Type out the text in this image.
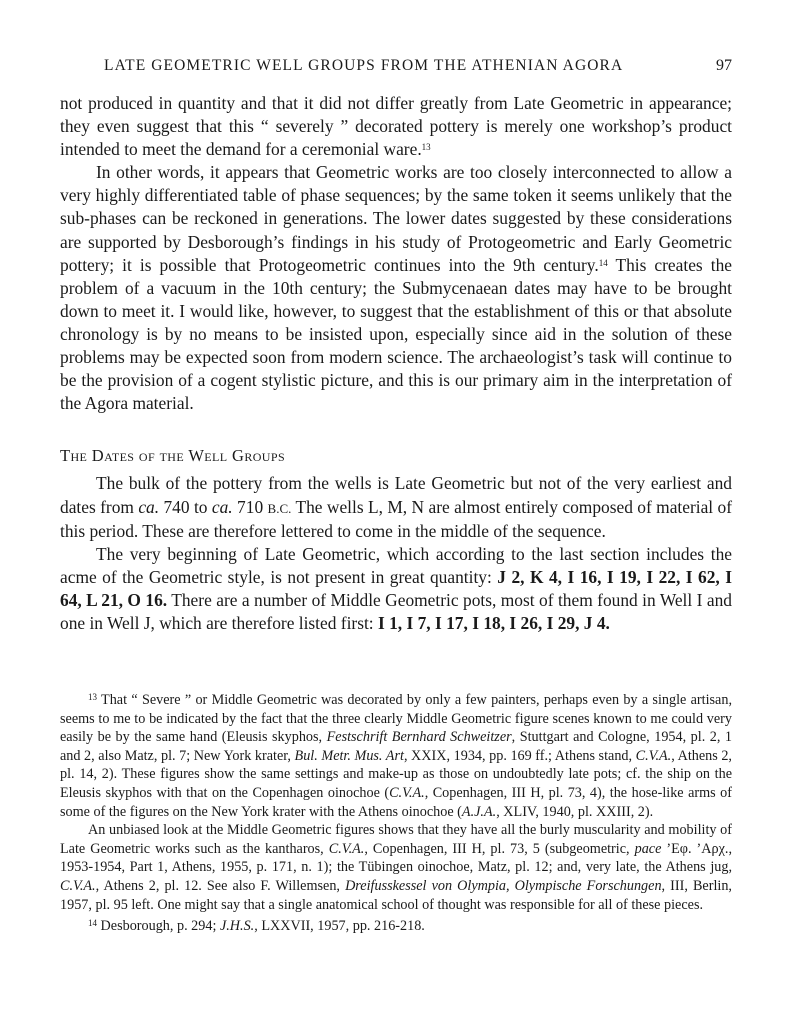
LATE GEOMETRIC WELL GROUPS FROM THE ATHENIAN AGORA	97

not produced in quantity and that it did not differ greatly from Late Geometric in appearance; they even suggest that this “ severely ” decorated pottery is merely one workshop’s product intended to meet the demand for a ceremonial ware.$^{13}$

In other words, it appears that Geometric works are too closely interconnected to allow a very highly differentiated table of phase sequences; by the same token it seems unlikely that the sub-phases can be reckoned in generations. The lower dates suggested by these considerations are supported by Desborough’s findings in his study of Protogeometric and Early Geometric pottery; it is possible that Protogeometric continues into the 9th century.$^{14}$ This creates the problem of a vacuum in the 10th century; the Submycenaean dates may have to be brought down to meet it. I would like, however, to suggest that the establishment of this or that absolute chronology is by no means to be insisted upon, especially since aid in the solution of these problems may be expected soon from modern science. The archaeologist’s task will continue to be the provision of a cogent stylistic picture, and this is our primary aim in the interpretation of the Agora material.

The Dates of the Well Groups

The bulk of the pottery from the wells is Late Geometric but not of the very earliest and dates from ca. 740 to ca. 710 B.C. The wells L, M, N are almost entirely composed of material of this period. These are therefore lettered to come in the middle of the sequence.

The very beginning of Late Geometric, which according to the last section includes the acme of the Geometric style, is not present in great quantity: J 2, K 4, I 16, I 19, I 22, I 62, I 64, L 21, O 16. There are a number of Middle Geometric pots, most of them found in Well I and one in Well J, which are therefore listed first: I 1, I 7, I 17, I 18, I 26, I 29, J 4.

$^{13}$ That “ Severe ” or Middle Geometric was decorated by only a few painters, perhaps even by a single artisan, seems to me to be indicated by the fact that the three clearly Middle Geometric figure scenes known to me could very easily be by the same hand (Eleusis skyphos, Festschrift Bernhard Schweitzer, Stuttgart and Cologne, 1954, pl. 2, 1 and 2, also Matz, pl. 7; New York krater, Bul. Metr. Mus. Art, XXIX, 1934, pp. 169 ff.; Athens stand, C.V.A., Athens 2, pl. 14, 2). These figures show the same settings and make-up as those on undoubtedly late pots; cf. the ship on the Eleusis skyphos with that on the Copenhagen oinochoe (C.V.A., Copenhagen, III H, pl. 73, 4), the hose-like arms of some of the figures on the New York krater with the Athens oinochoe (A.J.A., XLIV, 1940, pl. XXIII, 2).

An unbiased look at the Middle Geometric figures shows that they have all the burly muscularity and mobility of Late Geometric works such as the kantharos, C.V.A., Copenhagen, III H, pl. 73, 5 (subgeometric, pace ’Eφ. ’Aρχ., 1953-1954, Part 1, Athens, 1955, p. 171, n. 1); the Tübingen oinochoe, Matz, pl. 12; and, very late, the Athens jug, C.V.A., Athens 2, pl. 12. See also F. Willemsen, Dreifusskessel von Olympia, Olympische Forschungen, III, Berlin, 1957, pl. 95 left. One might say that a single anatomical school of thought was responsible for all of these pieces.

$^{14}$ Desborough, p. 294; J.H.S., LXXVII, 1957, pp. 216-218.
